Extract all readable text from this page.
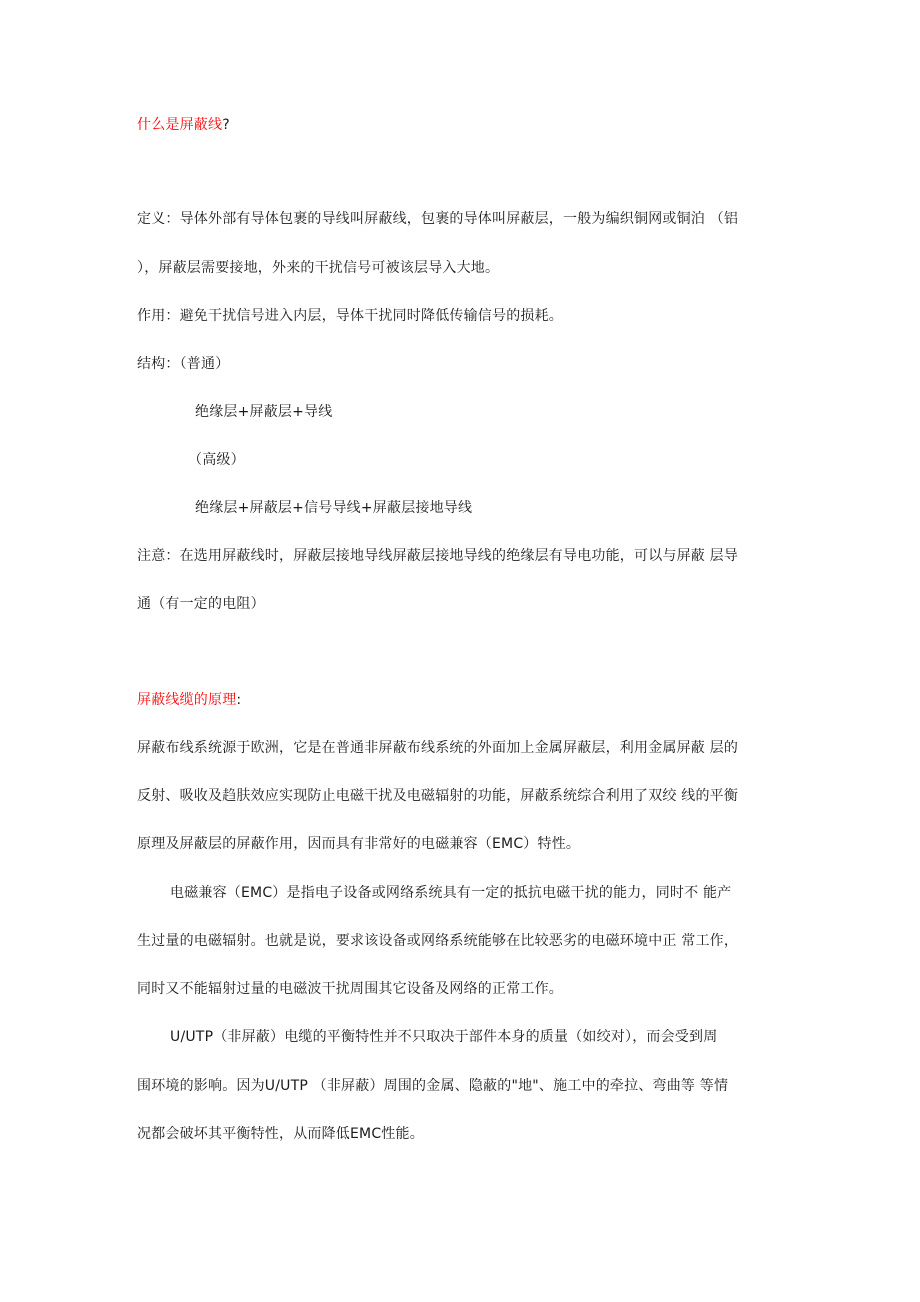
什么是屏蔽线?
定义：导体外部有导体包裹的导线叫屏蔽线，包裹的导体叫屏蔽层，一般为编织铜网或铜泊 （铝
），屏蔽层需要接地，外来的干扰信号可被该层导入大地。
作用：避免干扰信号进入内层，导体干扰同时降低传输信号的损耗。
结构：（普通）
绝缘层+屏蔽层+导线
（高级）
绝缘层+屏蔽层+信号导线+屏蔽层接地导线
注意：在选用屏蔽线时，屏蔽层接地导线屏蔽层接地导线的绝缘层有导电功能，可以与屏蔽 层导
通（有一定的电阻）
屏蔽线缆的原理:
屏蔽布线系统源于欧洲，它是在普通非屏蔽布线系统的外面加上金属屏蔽层，利用金属屏蔽 层的
反射、吸收及趋肤效应实现防止电磁干扰及电磁辐射的功能，屏蔽系统综合利用了双绞 线的平衡
原理及屏蔽层的屏蔽作用，因而具有非常好的电磁兼容（EMC）特性。
电磁兼容（EMC）是指电子设备或网络系统具有一定的抵抗电磁干扰的能力，同时不 能产
生过量的电磁辐射。也就是说，要求该设备或网络系统能够在比较恶劣的电磁环境中正 常工作，
同时又不能辐射过量的电磁波干扰周围其它设备及网络的正常工作。
U/UTP（非屏蔽）电缆的平衡特性并不只取决于部件本身的质量（如绞对），而会受到周
围环境的影响。因为U/UTP （非屏蔽）周围的金属、隐蔽的"地"、施工中的牵拉、弯曲等 等情
况都会破坏其平衡特性，从而降低EMC性能。
